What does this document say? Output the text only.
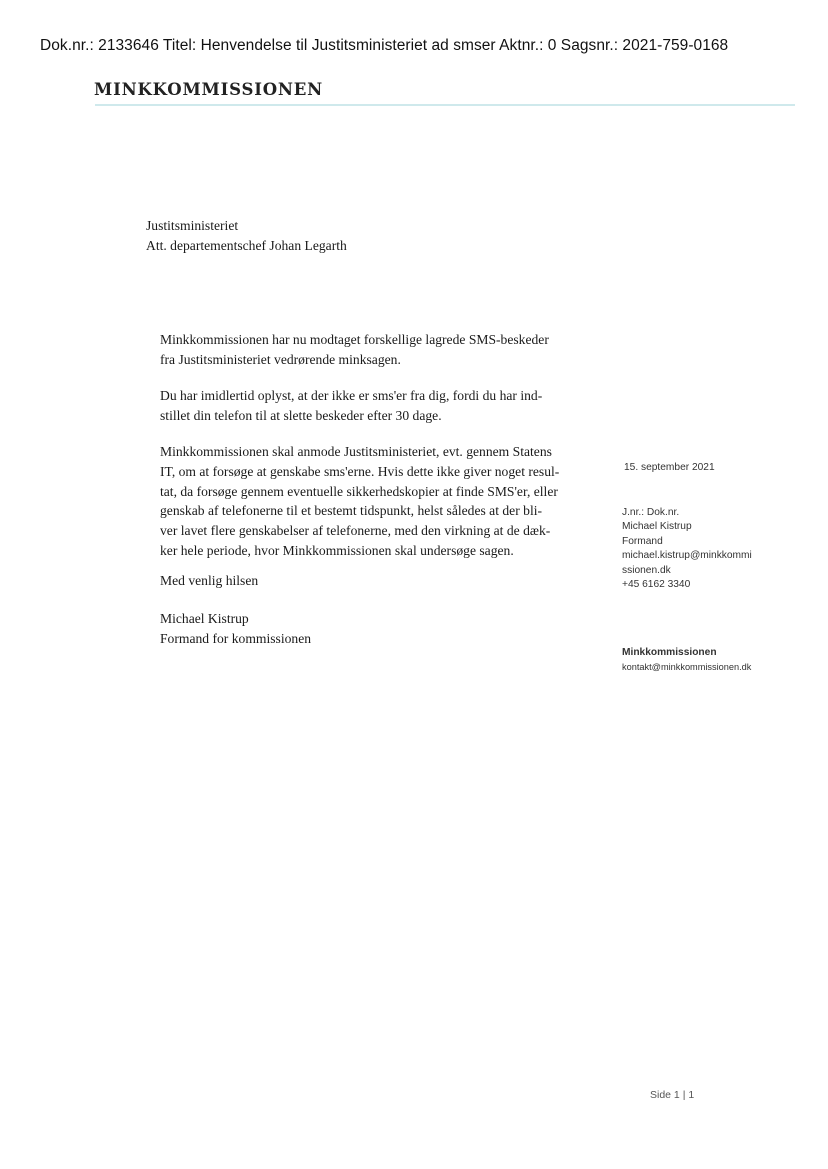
Dok.nr.: 2133646 Titel: Henvendelse til Justitsministeriet ad smser Aktnr.: 0 Sagsnr.: 2021-759-0168
MINKKOMMISSIONEN
Justitsministeriet
Att. departementschef Johan Legarth
Minkkommissionen har nu modtaget forskellige lagrede SMS-beskeder
fra Justitsministeriet vedrørende minksagen.
Du har imidlertid oplyst, at der ikke er sms'er fra dig, fordi du har ind-
stillet din telefon til at slette beskeder efter 30 dage.
Minkkommissionen skal anmode Justitsministeriet, evt. gennem Statens
IT, om at forsøge at genskabe sms'erne. Hvis dette ikke giver noget resul-
tat, da forsøge gennem eventuelle sikkerhedskopier at finde SMS'er, eller
genskab af telefonerne til et bestemt tidspunkt, helst således at der bli-
ver lavet flere genskabelser af telefonerne, med den virkning at de dæk-
ker hele periode, hvor Minkkommissionen skal undersøge sagen.
Med venlig hilsen
Michael Kistrup
Formand for kommissionen
15. september 2021
J.nr.: Dok.nr.
Michael Kistrup
Formand
michael.kistrup@minkkommi
ssionen.dk
+45 6162 3340
Minkkommissionen
kontakt@minkkommissionen.dk
Side 1 | 1
